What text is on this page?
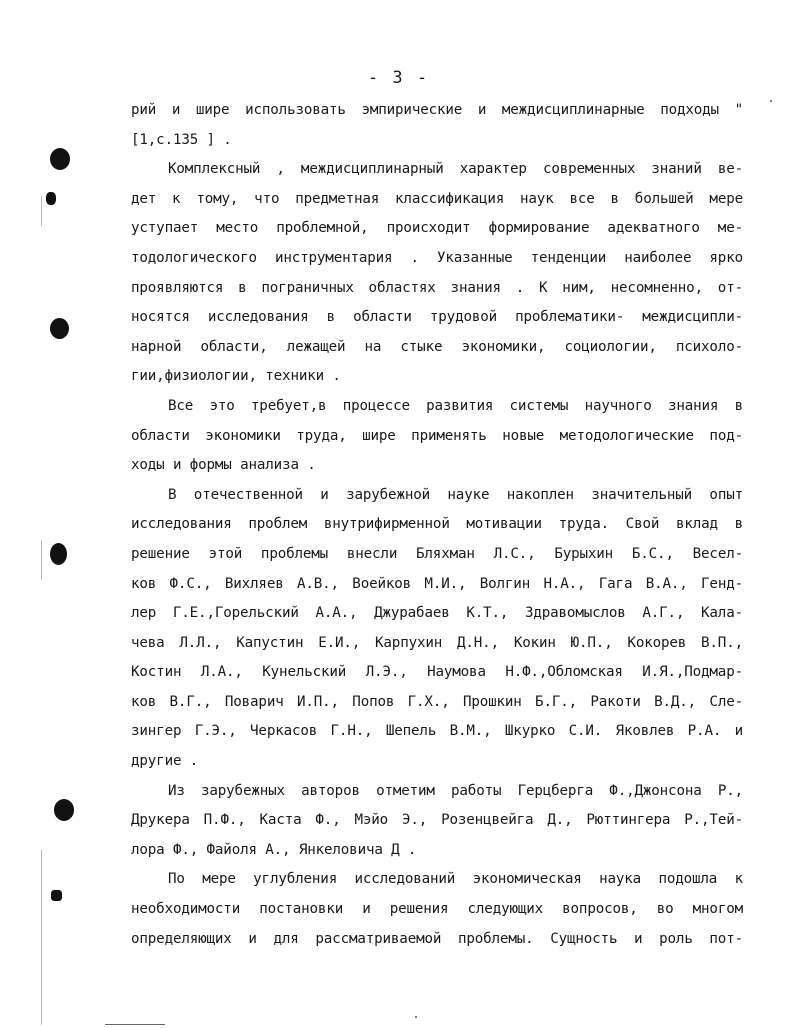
- 3 -
рий и шире использовать эмпирические и междисциплинарные подходы "
[1,с.135 ] .
Комплексный , междисциплинарный характер современных знаний ве-
дет к тому, что предметная классификация наук все в большей мере
уступает место проблемной, происходит формирование адекватного ме-
тодологического инструментария . Указанные тенденции наиболее ярко
проявляются в пограничных областях знания . К ним, несомненно, от-
носятся исследования в области трудовой проблематики- междисципли-
нарной области, лежащей на стыке экономики, социологии, психоло-
гии,физиологии, техники .
Все это требует,в процессе развития системы научного знания в
области экономики труда, шире применять новые методологические под-
ходы и формы анализа .
В отечественной и зарубежной науке накоплен значительный опыт
исследования проблем внутрифирменной мотивации труда. Свой вклад в
решение этой проблемы внесли Бляхман Л.С., Бурыхин Б.С., Весел-
ков Ф.С., Вихляев А.В., Воейков М.И., Волгин Н.А., Гага В.А., Генд-
лер Г.Е.,Горельский А.А., Джурабаев К.Т., Здравомыслов А.Г., Кала-
чева Л.Л., Капустин Е.И., Карпухин Д.Н., Кокин Ю.П., Кокорев В.П.,
Костин Л.А., Кунельский Л.Э., Наумова Н.Ф.,Обломская И.Я.,Подмар-
ков В.Г., Поварич И.П., Попов Г.Х., Прошкин Б.Г., Ракоти В.Д., Сле-
зингер Г.Э., Черкасов Г.Н., Шепель В.М., Шкурко С.И. Яковлев Р.А. и
другие .
Из зарубежных авторов отметим работы Герцберга Ф.,Джонсона Р.,
Друкера П.Ф., Каста Ф., Мэйо Э., Розенцвейга Д., Рюттингера Р.,Тей-
лора Ф., Файоля А., Янкеловича Д .
По мере углубления исследований экономическая наука подошла к
необходимости постановки и решения следующих вопросов, во многом
определяющих и для рассматриваемой проблемы. Сущность и роль пот-
